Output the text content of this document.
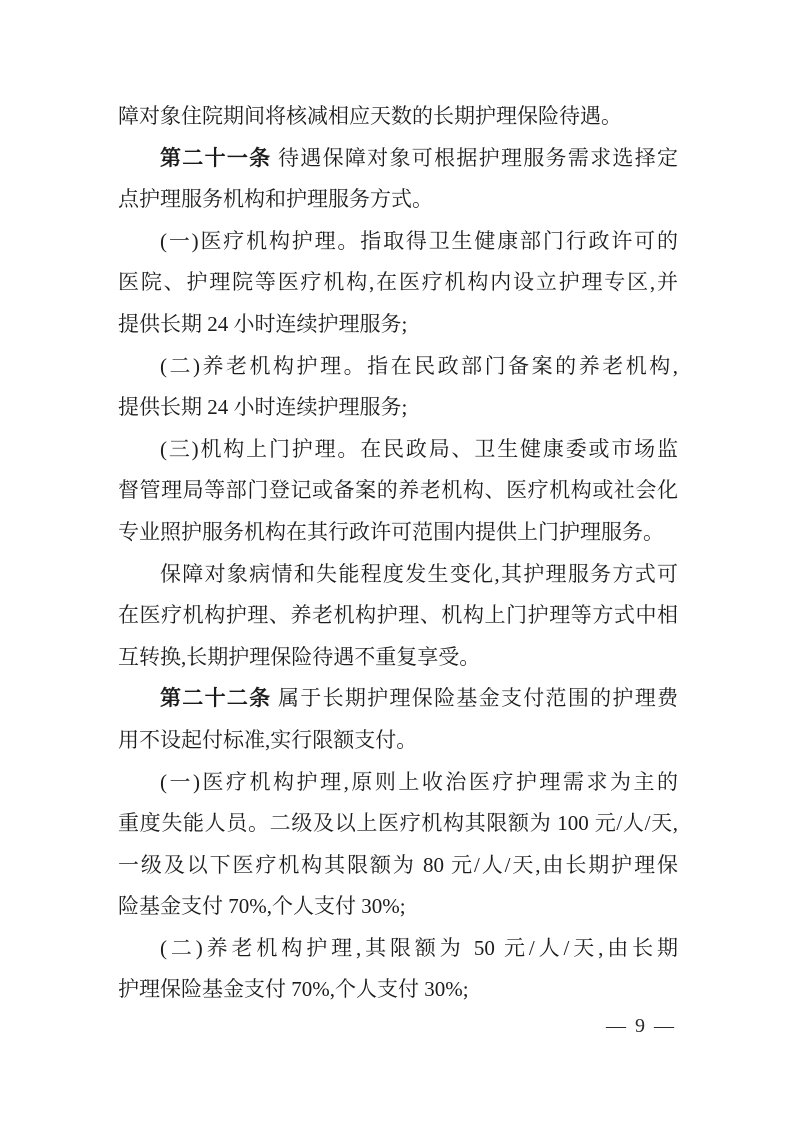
障对象住院期间将核减相应天数的长期护理保险待遇。
第二十一条 待遇保障对象可根据护理服务需求选择定
点护理服务机构和护理服务方式。
(一)医疗机构护理。指取得卫生健康部门行政许可的
医院、护理院等医疗机构,在医疗机构内设立护理专区,并
提供长期 24 小时连续护理服务;
(二)养老机构护理。指在民政部门备案的养老机构,
提供长期 24 小时连续护理服务;
(三)机构上门护理。在民政局、卫生健康委或市场监
督管理局等部门登记或备案的养老机构、医疗机构或社会化
专业照护服务机构在其行政许可范围内提供上门护理服务。
保障对象病情和失能程度发生变化,其护理服务方式可
在医疗机构护理、养老机构护理、机构上门护理等方式中相
互转换,长期护理保险待遇不重复享受。
第二十二条 属于长期护理保险基金支付范围的护理费
用不设起付标准,实行限额支付。
(一)医疗机构护理,原则上收治医疗护理需求为主的
重度失能人员。二级及以上医疗机构其限额为 100 元/人/天,
一级及以下医疗机构其限额为 80 元/人/天,由长期护理保
险基金支付 70%,个人支付 30%;
(二)养老机构护理,其限额为 50 元/人/天,由长期
护理保险基金支付 70%,个人支付 30%;
— 9 —
